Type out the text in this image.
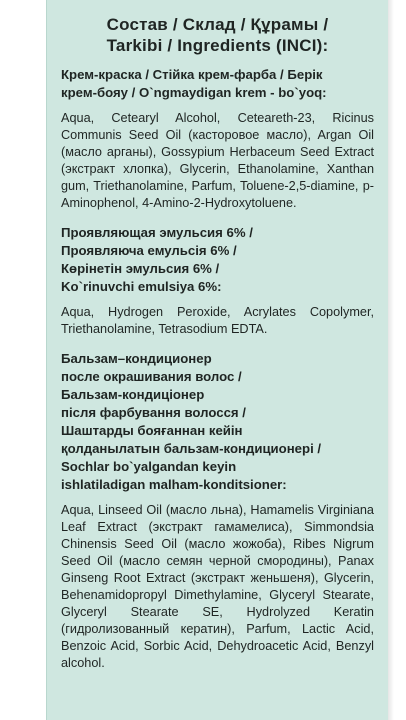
Состав / Склад / Құрамы /
Tarkibi / Ingredients (INCI):
Крем-краска / Стійка крем-фарба / Берік
крем-бояу / O`ngmaydigan krem - bo`yoq:
Aqua, Cetearyl Alcohol, Ceteareth-23, Ricinus Communis Seed Oil (касторовое масло), Argan Oil (масло арганы), Gossypium Herbaceum Seed Extract (экстракт хлопка), Glycerin, Ethanolamine, Xanthan gum, Triethanolamine, Parfum, Toluene-2,5-diamine, p-Aminophenol, 4-Amino-2-Hydroxytoluene.
Проявляющая эмульсия 6% /
Проявляюча емульсія 6% /
Көрінетін эмульсия 6% /
Ko`rinuvchi emulsiya 6%:
Aqua, Hydrogen Peroxide, Acrylates Copolymer, Triethanolamine, Tetrasodium EDTA.
Бальзам–кондиционер
после окрашивания волос /
Бальзам-кондиціонер
після фарбування волосся /
Шаштарды бояғаннан кейін
қолданылатын бальзам-кондиционері /
Sochlar bo`yalgandan keyin
ishlatiladigan malham-konditsioner:
Aqua, Linseed Oil (масло льна), Hamamelis Virginiana Leaf Extract (экстракт гамамелиса), Simmondsia Chinensis Seed Oil (масло жожоба), Ribes Nigrum Seed Oil (масло семян черной смородины), Panax Ginseng Root Extract (экстракт женьшеня), Glycerin, Behenamidopropyl Dimethylamine, Glyceryl Stearate, Glyceryl Stearate SE, Hydrolyzed Keratin (гидролизованный кератин), Parfum, Lactic Acid, Benzoic Acid, Sorbic Acid, Dehydroacetic Acid, Benzyl alcohol.
